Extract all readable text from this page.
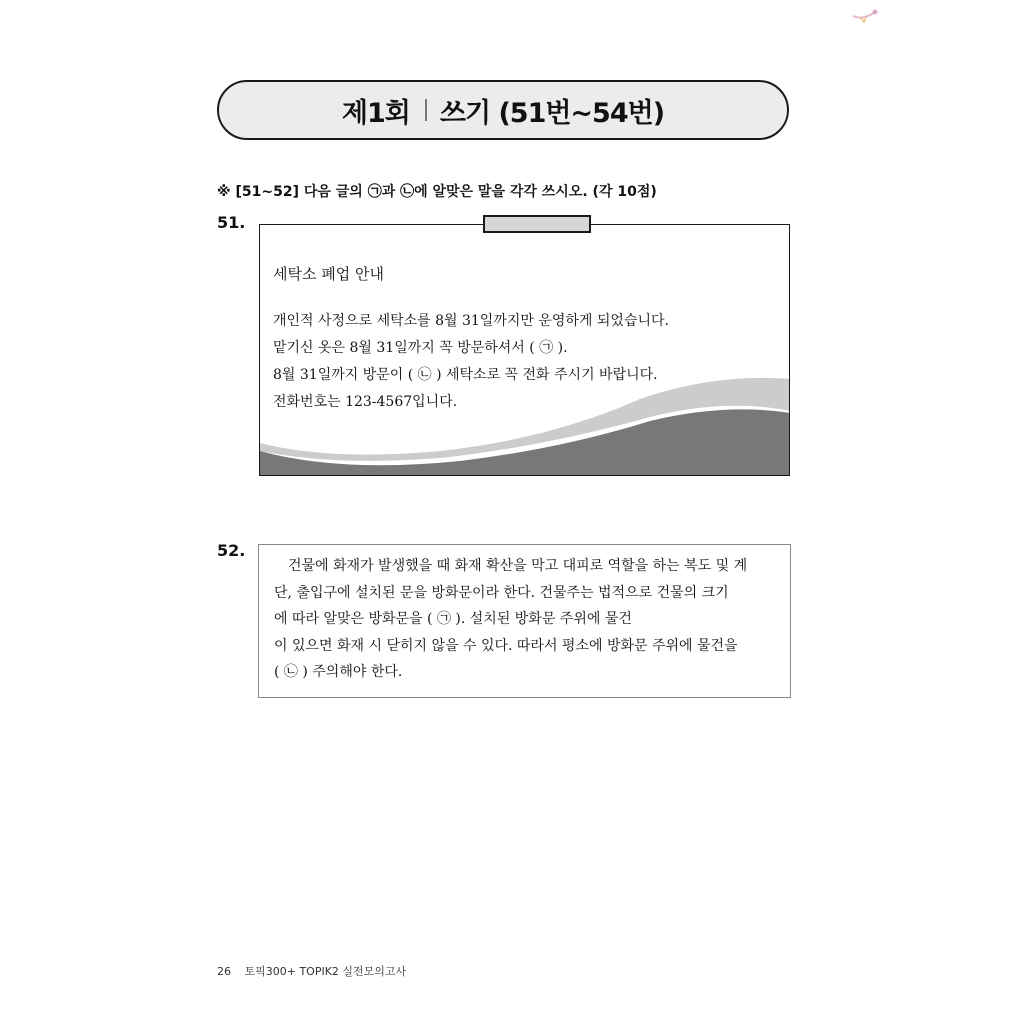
제1회 쓰기 (51번~54번)
※ [51~52] 다음 글의 ㉠과 ㉡에 알맞은 말을 각각 쓰시오. (각 10점)
51.
세탁소 폐업 안내
개인적 사정으로 세탁소를 8월 31일까지만 운영하게 되었습니다.
맡기신 옷은 8월 31일까지 꼭 방문하셔서 ( ㉠ ).
8월 31일까지 방문이 ( ㉡ ) 세탁소로 꼭 전화 주시기 바랍니다.
전화번호는 123-4567입니다.
52.
건물에 화재가 발생했을 때 화재 확산을 막고 대피로 역할을 하는 복도 및 계
단, 출입구에 설치된 문을 방화문이라 한다. 건물주는 법적으로 건물의 크기
에 따라 알맞은 방화문을 ( ㉠ ). 설치된 방화문 주위에 물건
이 있으면 화재 시 닫히지 않을 수 있다. 따라서 평소에 방화문 주위에 물건을
( ㉡ ) 주의해야 한다.
26 토픽300+ TOPIK2 실전모의고사
